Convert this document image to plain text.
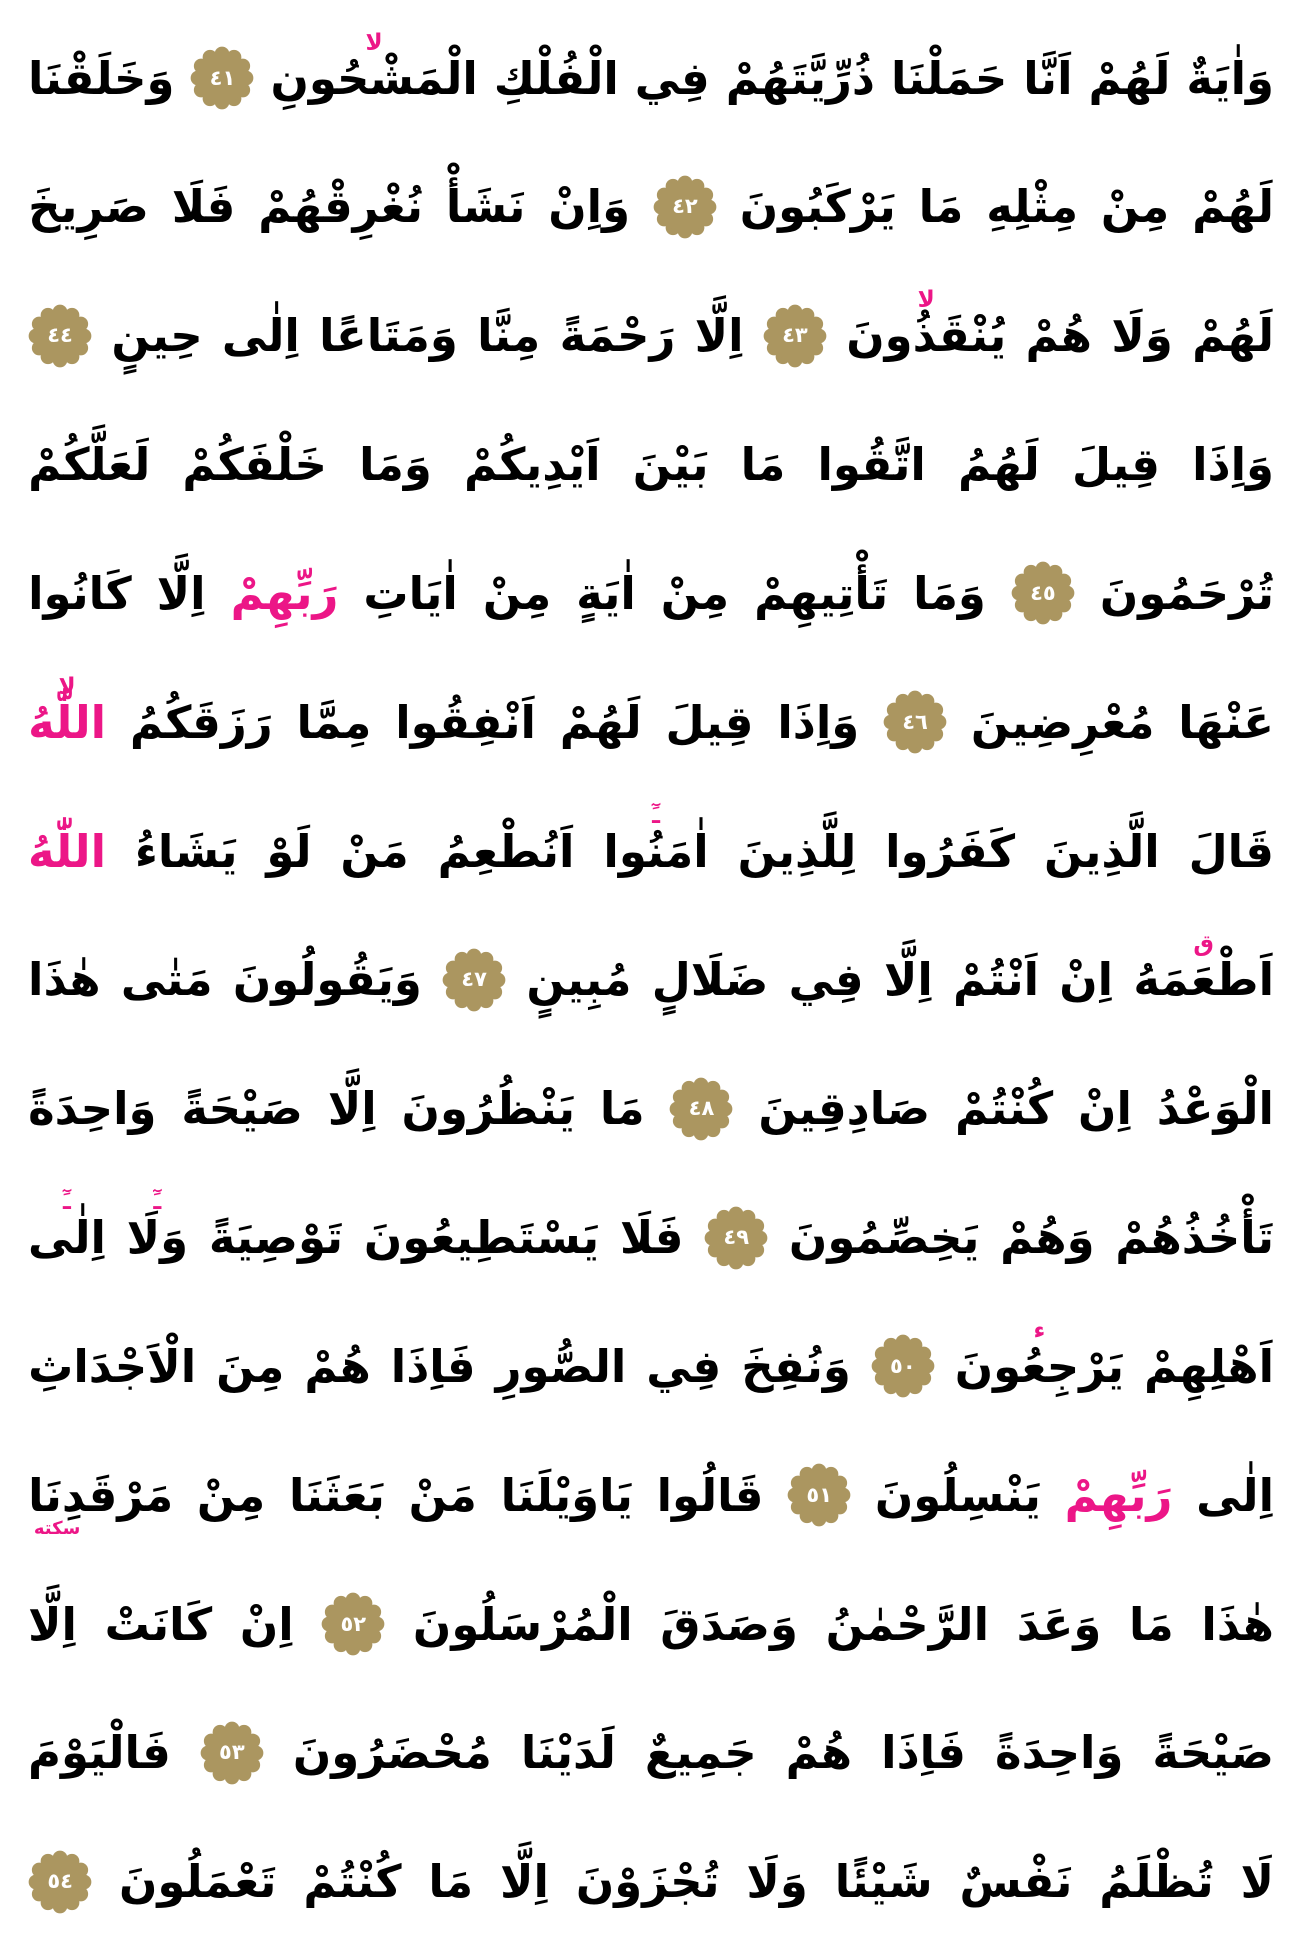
وَاٰيَةٌ
لَهُمْ
اَنَّا
حَمَلْنَا
ذُرِّيَّتَهُمْ
فِي
الْفُلْكِ
الْمَشْحُونِ
لا
٤١
وَخَلَقْنَا
لَهُمْ
مِنْ
مِثْلِهِ
مَا
يَرْكَبُونَ
٤٢
وَاِنْ
نَشَأْ
نُغْرِقْهُمْ
فَلَا
صَرِيخَ
لَهُمْ
وَلَا
هُمْ
يُنْقَذُونَ
لا
٤٣
اِلَّا
رَحْمَةً
مِنَّا
وَمَتَاعًا
اِلٰى
حِينٍ
٤٤
وَاِذَا
قِيلَ
لَهُمُ
اتَّقُوا
مَا
بَيْنَ
اَيْدِيكُمْ
وَمَا
خَلْفَكُمْ
لَعَلَّكُمْ
تُرْحَمُونَ
٤٥
وَمَا
تَأْتِيهِمْ
مِنْ
اٰيَةٍ
مِنْ
اٰيَاتِ
رَبِّهِمْ
اِلَّا
كَانُوا
عَنْهَا
مُعْرِضِينَ
٤٦
وَاِذَا
قِيلَ
لَهُمْ
اَنْفِقُوا
مِمَّا
رَزَقَكُمُ
اللّٰهُ
لا
قَالَ
الَّذِينَ
كَفَرُوا
لِلَّذِينَ
اٰمَنُوا
ـَٓ
اَنُطْعِمُ
مَنْ
لَوْ
يَشَاءُ
اللّٰهُ
اَطْعَمَهُ
ق
اِنْ
اَنْتُمْ
اِلَّا
فِي
ضَلَالٍ
مُبِينٍ
٤٧
وَيَقُولُونَ
مَتٰى
هٰذَا
الْوَعْدُ
اِنْ
كُنْتُمْ
صَادِقِينَ
٤٨
مَا
يَنْظُرُونَ
اِلَّا
صَيْحَةً
وَاحِدَةً
تَأْخُذُهُمْ
وَهُمْ
يَخِصِّمُونَ
٤٩
فَلَا
يَسْتَطِيعُونَ
تَوْصِيَةً
وَلَا
ـَٓ
اِلٰى
ـَٓ
اَهْلِهِمْ
يَرْجِعُونَ
ء
٥٠
وَنُفِخَ
فِي
الصُّورِ
فَاِذَا
هُمْ
مِنَ
الْاَجْدَاثِ
اِلٰى
رَبِّهِمْ
يَنْسِلُونَ
٥١
قَالُوا
يَاوَيْلَنَا
مَنْ
بَعَثَنَا
مِنْ
مَرْقَدِنَا
سكته
هٰذَا
مَا
وَعَدَ
الرَّحْمٰنُ
وَصَدَقَ
الْمُرْسَلُونَ
٥٢
اِنْ
كَانَتْ
اِلَّا
صَيْحَةً
وَاحِدَةً
فَاِذَا
هُمْ
جَمِيعٌ
لَدَيْنَا
مُحْضَرُونَ
٥٣
فَالْيَوْمَ
لَا
تُظْلَمُ
نَفْسٌ
شَيْئًا
وَلَا
تُجْزَوْنَ
اِلَّا
مَا
كُنْتُمْ
تَعْمَلُونَ
٥٤
